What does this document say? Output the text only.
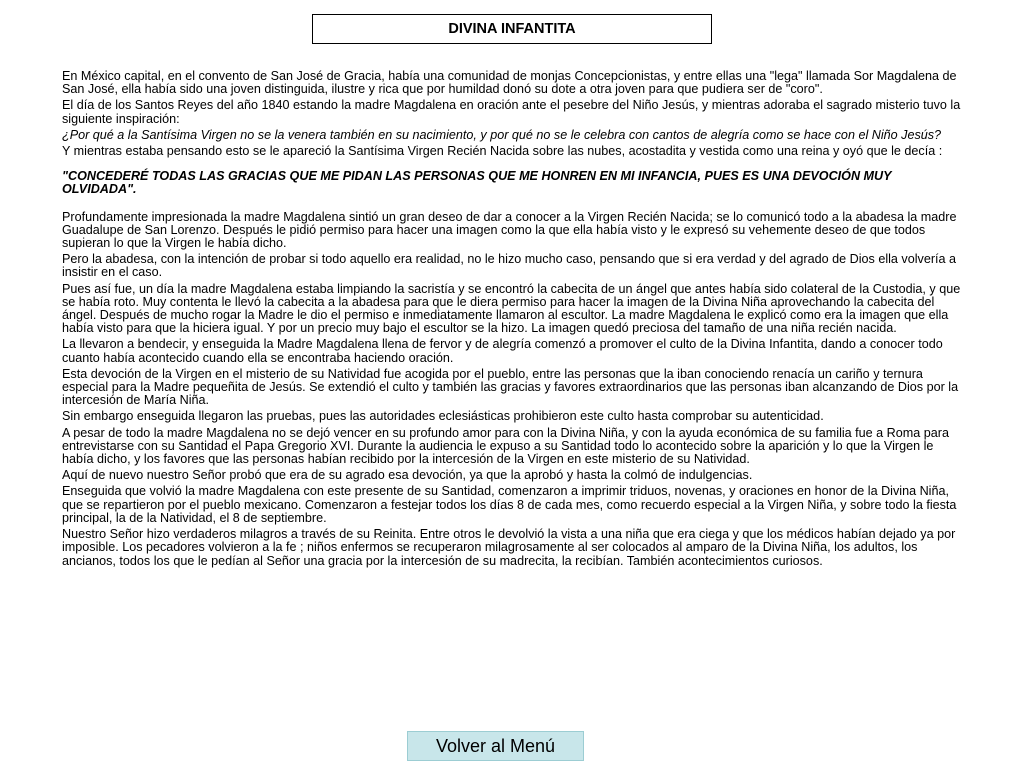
DIVINA INFANTITA

En México capital, en el convento de San José de Gracia, había una comunidad de monjas Concepcionistas, y entre ellas una "lega" llamada Sor Magdalena de San José, ella había sido una joven distinguida, ilustre y rica que por humildad donó su dote a otra joven para que pudiera ser de "coro".

El día de los Santos Reyes del año 1840 estando la madre Magdalena en oración ante el pesebre del Niño Jesús, y mientras adoraba el sagrado misterio tuvo la siguiente inspiración:

¿Por qué a la Santísima Virgen no se la venera también en su nacimiento, y por qué no se le celebra con cantos de alegría como se hace con el Niño Jesús?

Y mientras estaba pensando esto se le apareció la Santísima Virgen Recién Nacida sobre las nubes, acostadita y vestida como una reina y oyó que le decía :

"CONCEDERÉ TODAS LAS GRACIAS QUE ME PIDAN LAS PERSONAS QUE ME HONREN EN MI INFANCIA, PUES ES UNA DEVOCIÓN MUY OLVIDADA".

Profundamente impresionada la madre Magdalena sintió un gran deseo de dar a conocer a la Virgen Recién Nacida; se lo comunicó todo a la abadesa la madre Guadalupe de San Lorenzo. Después le pidió permiso para hacer una imagen como la que ella había visto y le expresó su vehemente deseo de que todos supieran lo que la Virgen le había dicho.

Pero la abadesa, con la intención de probar si todo aquello era realidad, no le hizo mucho caso, pensando que si era verdad y del agrado de Dios ella volvería a insistir en el caso.

Pues así fue, un día la madre Magdalena estaba limpiando la sacristía y se encontró la cabecita de un ángel que antes había sido colateral de la Custodia, y que se había roto. Muy contenta le llevó la cabecita a la abadesa para que le diera permiso para hacer la imagen de la Divina Niña aprovechando la cabecita del ángel. Después de mucho rogar la Madre le dio el permiso e inmediatamente llamaron al escultor. La madre Magdalena le explicó como era la imagen que ella había visto para que la hiciera igual. Y por un precio muy bajo el escultor se la hizo. La imagen quedó preciosa del tamaño de una niña recién nacida.

La llevaron a bendecir, y enseguida la Madre Magdalena llena de fervor y de alegría comenzó a promover el culto de la Divina Infantita, dando a conocer todo cuanto había acontecido cuando ella se encontraba haciendo oración.

Esta devoción de la Virgen en el misterio de su Natividad fue acogida por el pueblo, entre las personas que la iban conociendo renacía un cariño y ternura especial para la Madre pequeñita de Jesús. Se extendió el culto y también las gracias y favores extraordinarios que las personas iban alcanzando de Dios por la intercesión de María Niña.

Sin embargo enseguida llegaron las pruebas, pues las autoridades eclesiásticas prohibieron este culto hasta comprobar su autenticidad.

A pesar de todo la madre Magdalena no se dejó vencer en su profundo amor para con la Divina Niña, y con la ayuda económica de su familia fue a Roma para entrevistarse con su Santidad el Papa Gregorio XVI. Durante la audiencia le expuso a su Santidad todo lo acontecido sobre la aparición y lo que la Virgen le había dicho, y los favores que las personas habían recibido por la intercesión de la Virgen en este misterio de su Natividad.

Aquí de nuevo nuestro Señor probó que era de su agrado esa devoción, ya que la aprobó y hasta la colmó de indulgencias.

Enseguida que volvió la madre Magdalena con este presente de su Santidad, comenzaron a imprimir triduos, novenas, y oraciones en honor de la Divina Niña, que se repartieron por el pueblo mexicano. Comenzaron a festejar todos los días 8 de cada mes, como recuerdo especial a la Virgen Niña, y sobre todo la fiesta principal, la de la Natividad, el 8 de septiembre.

Nuestro Señor hizo verdaderos milagros a través de su Reinita. Entre otros le devolvió la vista a una niña que era ciega y que los médicos habían dejado ya por imposible. Los pecadores volvieron a la fe ; niños enfermos se recuperaron milagrosamente al ser colocados al amparo de la Divina Niña, los adultos, los ancianos, todos los que le pedían al Señor una gracia por la intercesión de su madrecita, la recibían. También acontecimientos curiosos.

Volver al Menú
